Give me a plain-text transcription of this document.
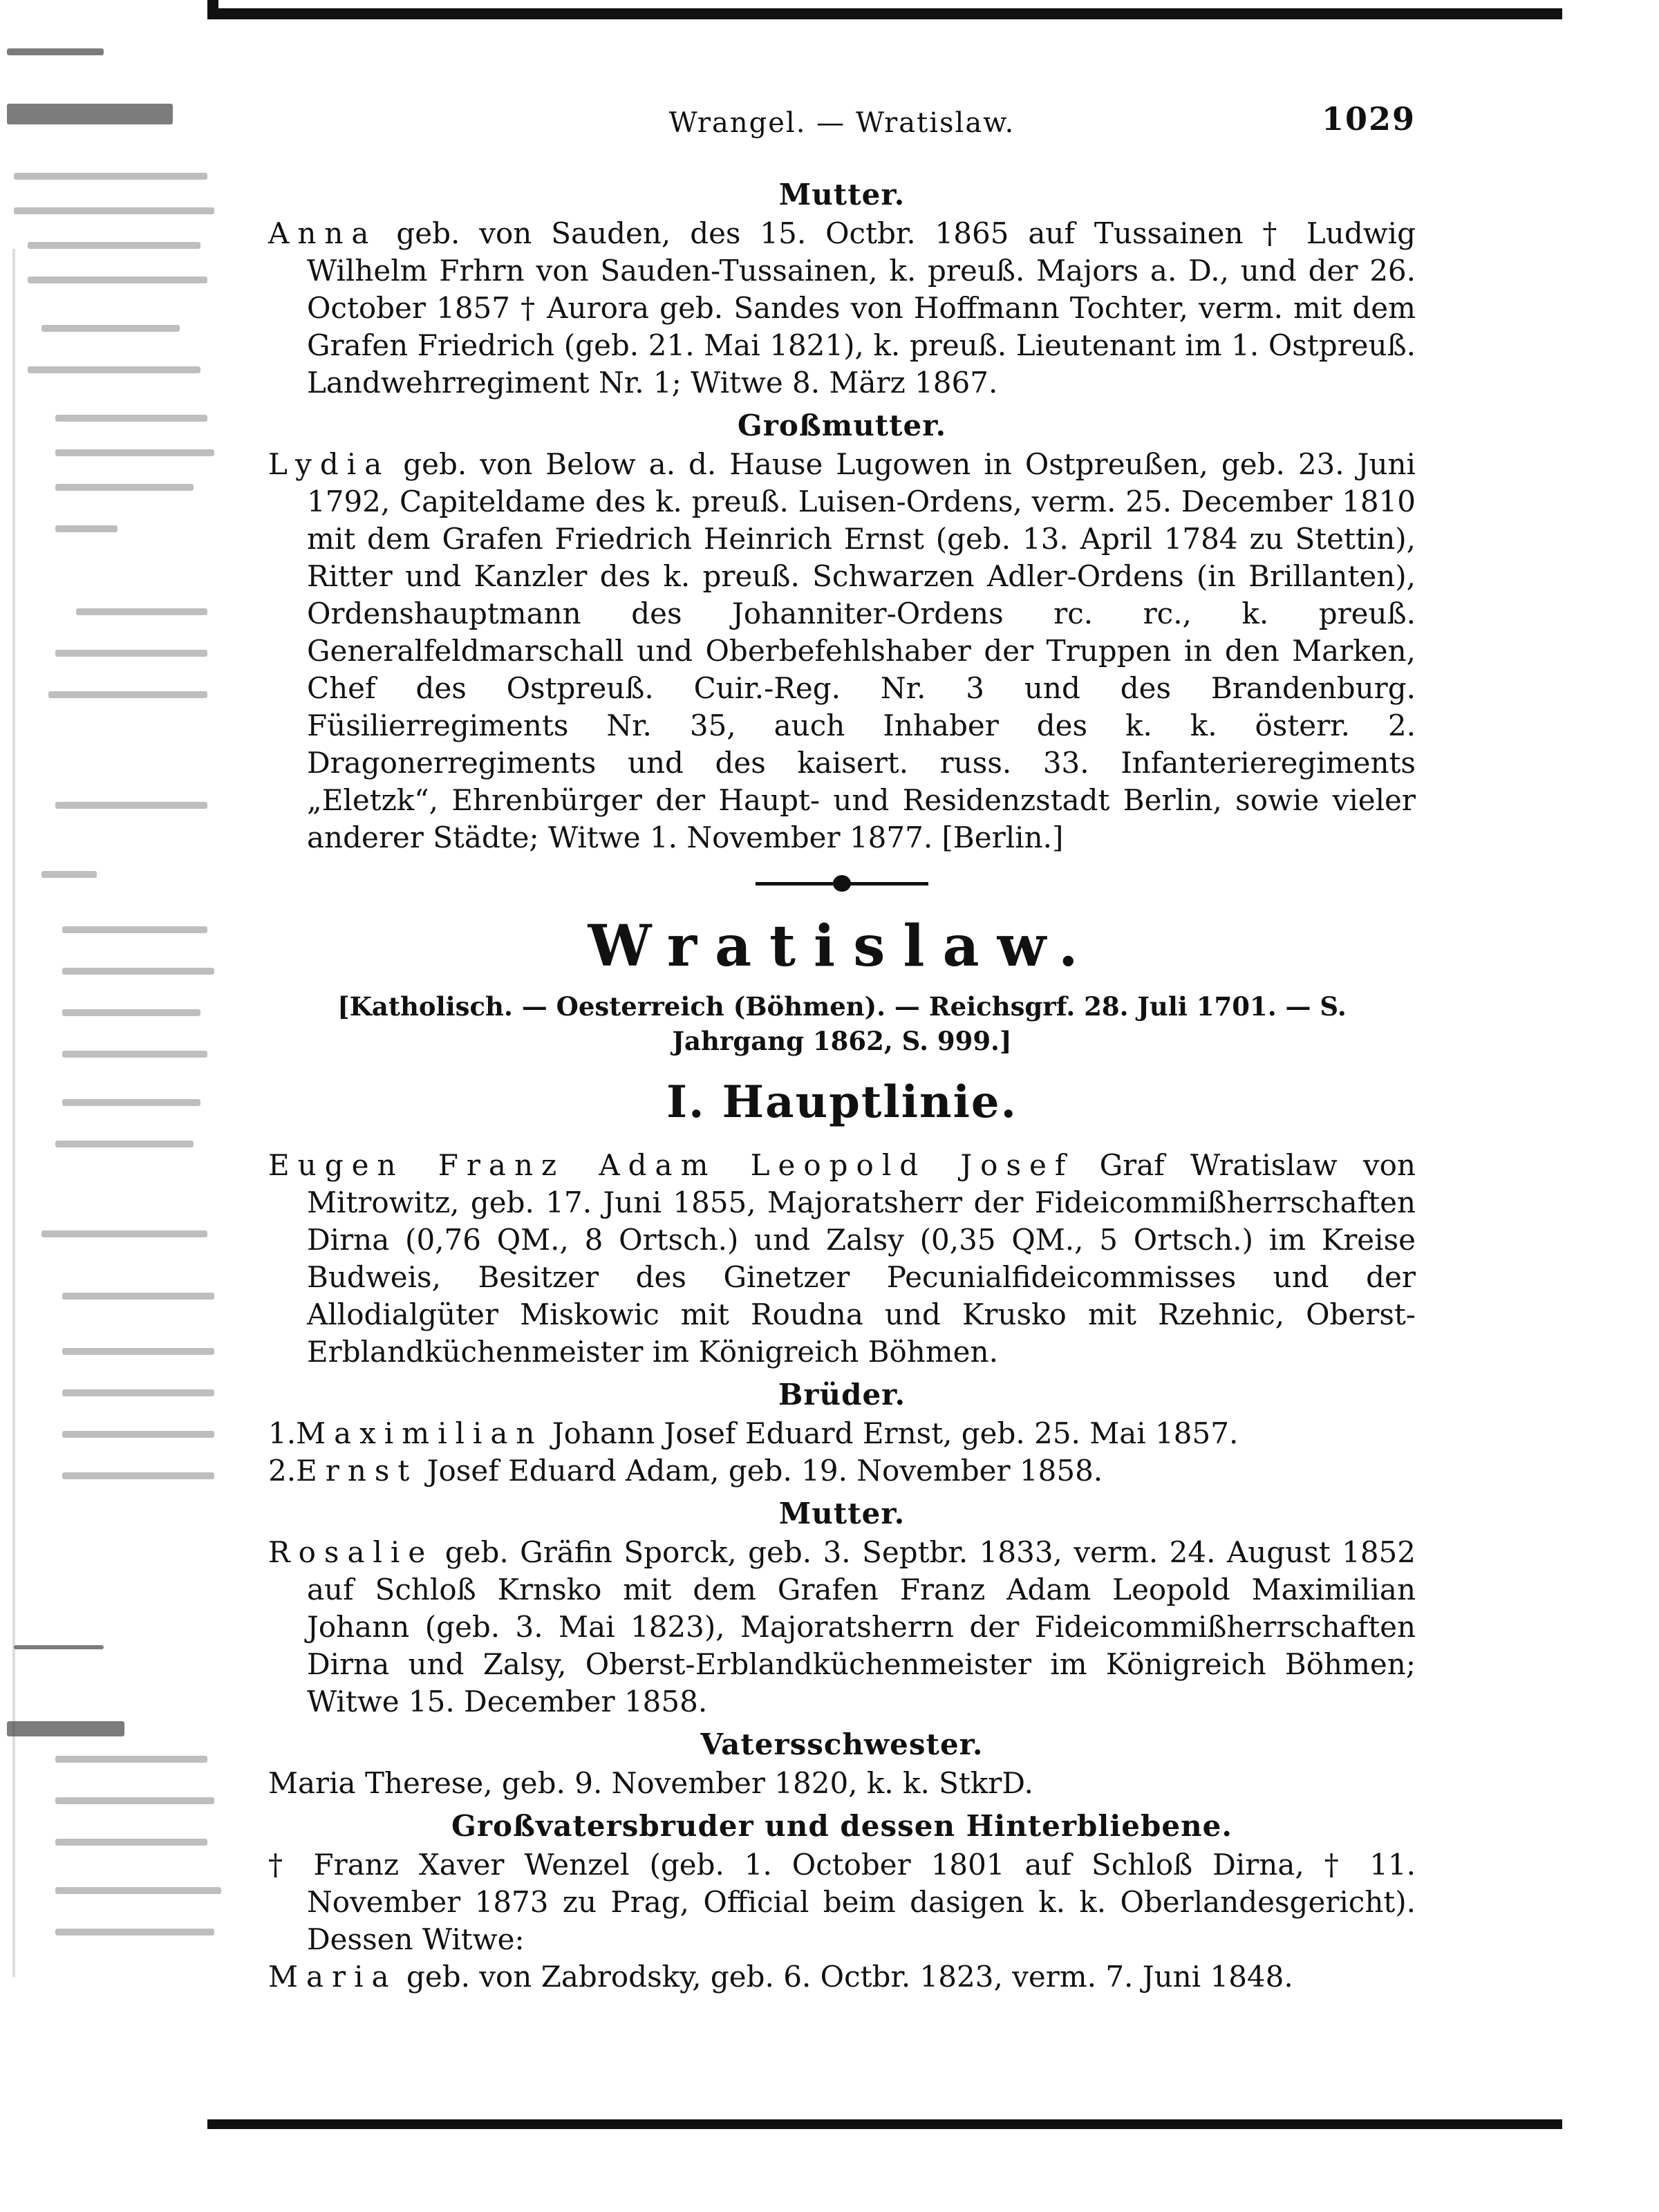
Wrangel. — Wratislaw.	1029
Mutter.
Anna geb. von Sauden, des 15. Octbr. 1865 auf Tussainen † Ludwig Wilhelm Frhrn von Sauden-Tussainen, k. preuß. Majors a. D., und der 26. October 1857 † Aurora geb. Sandes von Hoffmann Tochter, verm. mit dem Grafen Friedrich (geb. 21. Mai 1821), k. preuß. Lieutenant im 1. Ostpreuß. Landwehrregiment Nr. 1; Witwe 8. März 1867.
Großmutter.
Lydia geb. von Below a. d. Hause Lugowen in Ostpreußen, geb. 23. Juni 1792, Capiteldame des k. preuß. Luisen-Ordens, verm. 25. December 1810 mit dem Grafen Friedrich Heinrich Ernst (geb. 13. April 1784 zu Stettin), Ritter und Kanzler des k. preuß. Schwarzen Adler-Ordens (in Brillanten), Ordenshauptmann des Johanniter-Ordens rc. rc., k. preuß. Generalfeldmarschall und Oberbefehlshaber der Truppen in den Marken, Chef des Ostpreuß. Cuir.-Reg. Nr. 3 und des Brandenburg. Füsilierregiments Nr. 35, auch Inhaber des k. k. österr. 2. Dragonerregiments und des kaisert. russ. 33. Infanterieregiments „Eletzk“, Ehrenbürger der Haupt- und Residenzstadt Berlin, sowie vieler anderer Städte; Witwe 1. November 1877. [Berlin.]
Wratislaw.
[Katholisch. — Oesterreich (Böhmen). — Reichsgrf. 28. Juli 1701. — S. Jahrgang 1862, S. 999.]
I. Hauptlinie.
Eugen Franz Adam Leopold Josef Graf Wratislaw von Mitrowitz, geb. 17. Juni 1855, Majoratsherr der Fideicommißherrschaften Dirna (0,76 QM., 8 Ortsch.) und Zalsy (0,35 QM., 5 Ortsch.) im Kreise Budweis, Besitzer des Ginetzer Pecunialfideicommisses und der Allodialgüter Miskowic mit Roudna und Krusko mit Rzehnic, Oberst-Erblandküchenmeister im Königreich Böhmen.
Brüder.
1.Maximilian Johann Josef Eduard Ernst, geb. 25. Mai 1857.
2.Ernst Josef Eduard Adam, geb. 19. November 1858.
Mutter.
Rosalie geb. Gräfin Sporck, geb. 3. Septbr. 1833, verm. 24. August 1852 auf Schloß Krnsko mit dem Grafen Franz Adam Leopold Maximilian Johann (geb. 3. Mai 1823), Majoratsherrn der Fideicommißherrschaften Dirna und Zalsy, Oberst-Erblandküchenmeister im Königreich Böhmen; Witwe 15. December 1858.
Vatersschwester.
Maria Therese, geb. 9. November 1820, k. k. StkrD.
Großvatersbruder und dessen Hinterbliebene.
† Franz Xaver Wenzel (geb. 1. October 1801 auf Schloß Dirna, † 11. November 1873 zu Prag, Official beim dasigen k. k. Oberlandesgericht). Dessen Witwe:
Maria geb. von Zabrodsky, geb. 6. Octbr. 1823, verm. 7. Juni 1848.
